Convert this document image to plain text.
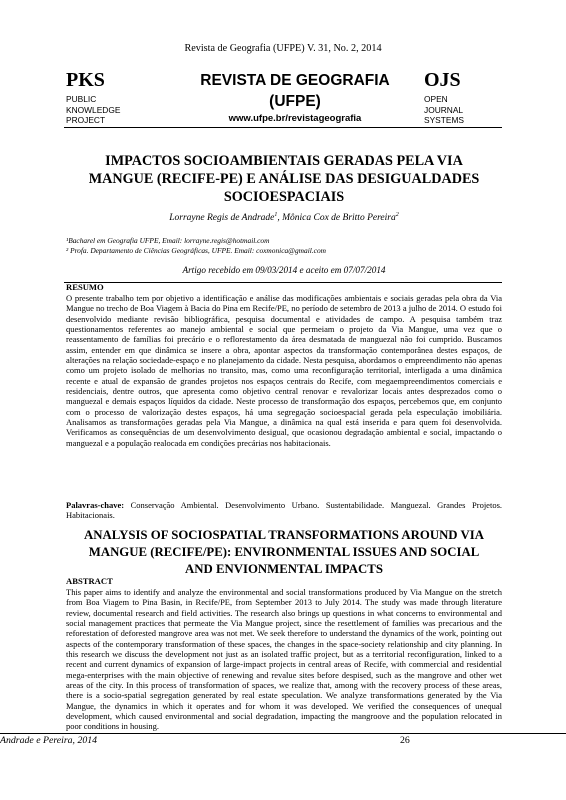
Revista de Geografia (UFPE) V. 31, No. 2, 2014
PKS
PUBLIC
KNOWLEDGE
PROJECT
REVISTA DE GEOGRAFIA
(UFPE)
www.ufpe.br/revistageografia
OJS
OPEN
JOURNAL
SYSTEMS
IMPACTOS SOCIOAMBIENTAIS GERADAS PELA VIA
MANGUE (RECIFE-PE) E ANÁLISE DAS DESIGUALDADES
SOCIOESPACIAIS
Lorrayne Regis de Andrade$^1$, Mônica Cox de Britto Pereira$^2$
¹Bacharel em Geografia UFPE, Email: lorrayne.regis@hotmail.com
² Profa. Departamento de Ciências Geográficas, UFPE. Email: coxmonica@gmail.com
Artigo recebido em 09/03/2014 e aceito em 07/07/2014
RESUMO
O presente trabalho tem por objetivo a identificação e análise das modificações ambientais e sociais geradas pela obra da Via Mangue no trecho de Boa Viagem à Bacia do Pina em Recife/PE, no período de setembro de 2013 a julho de 2014. O estudo foi desenvolvido mediante revisão bibliográfica, pesquisa documental e atividades de campo. A pesquisa também traz questionamentos referentes ao manejo ambiental e social que permeiam o projeto da Via Mangue, uma vez que o reassentamento de famílias foi precário e o reflorestamento da área desmatada de manguezal não foi cumprido. Buscamos assim, entender em que dinâmica se insere a obra, apontar aspectos da transformação contemporânea destes espaços, de alterações na relação sociedade-espaço e no planejamento da cidade. Nesta pesquisa, abordamos o empreendimento não apenas como um projeto isolado de melhorias no transito, mas, como uma reconfiguração territorial, interligada a uma dinâmica recente e atual de expansão de grandes projetos nos espaços centrais do Recife, com megaempreendimentos comerciais e residenciais, dentre outros, que apresenta como objetivo central renovar e revalorizar locais antes desprezados como o manguezal e demais espaços líquidos da cidade. Neste processo de transformação dos espaços, percebemos que, em conjunto com o processo de valorização destes espaços, há uma segregação socioespacial gerada pela especulação imobiliária. Analisamos as transformações geradas pela Via Mangue, a dinâmica na qual está inserida e para quem foi desenvolvida. Verificamos as consequências de um desenvolvimento desigual, que ocasionou degradação ambiental e social, impactando o manguezal e a população realocada em condições precárias nos habitacionais.
Palavras-chave: Conservação Ambiental. Desenvolvimento Urbano. Sustentabilidade. Manguezal. Grandes Projetos. Habitacionais.
ANALYSIS OF SOCIOSPATIAL TRANSFORMATIONS AROUND VIA
MANGUE (RECIFE/PE): ENVIRONMENTAL ISSUES AND SOCIAL
AND ENVIONMENTAL IMPACTS
ABSTRACT
This paper aims to identify and analyze the environmental and social transformations produced by Via Mangue on the stretch from Boa Viagem to Pina Basin, in Recife/PE, from September 2013 to July 2014. The study was made through literature review, documental research and field activities. The research also brings up questions in what concerns to environmental and social management practices that permeate the Via Mangue project, since the resettlement of families was precarious and the reforestation of deforested mangrove area was not met. We seek therefore to understand the dynamics of the work, pointing out aspects of the contemporary transformation of these spaces, the changes in the space-society relationship and city planning. In this research we discuss the development not just as an isolated traffic project, but as a territorial reconfiguration, linked to a recent and current dynamics of expansion of large-impact projects in central areas of Recife, with commercial and residential mega-enterprises with the main objective of renewing and revalue sites before despised, such as the mangrove and other wet areas of the city. In this process of transformation of spaces, we realize that, among with the recovery process of these areas, there is a socio-spatial segregation generated by real estate speculation. We analyze transformations generated by the Via Mangue, the dynamics in which it operates and for whom it was developed. We verified the consequences of unequal development, which caused environmental and social degradation, impacting the mangroove and the population relocated in poor conditions in housing.
Andrade e Pereira, 2014	26
